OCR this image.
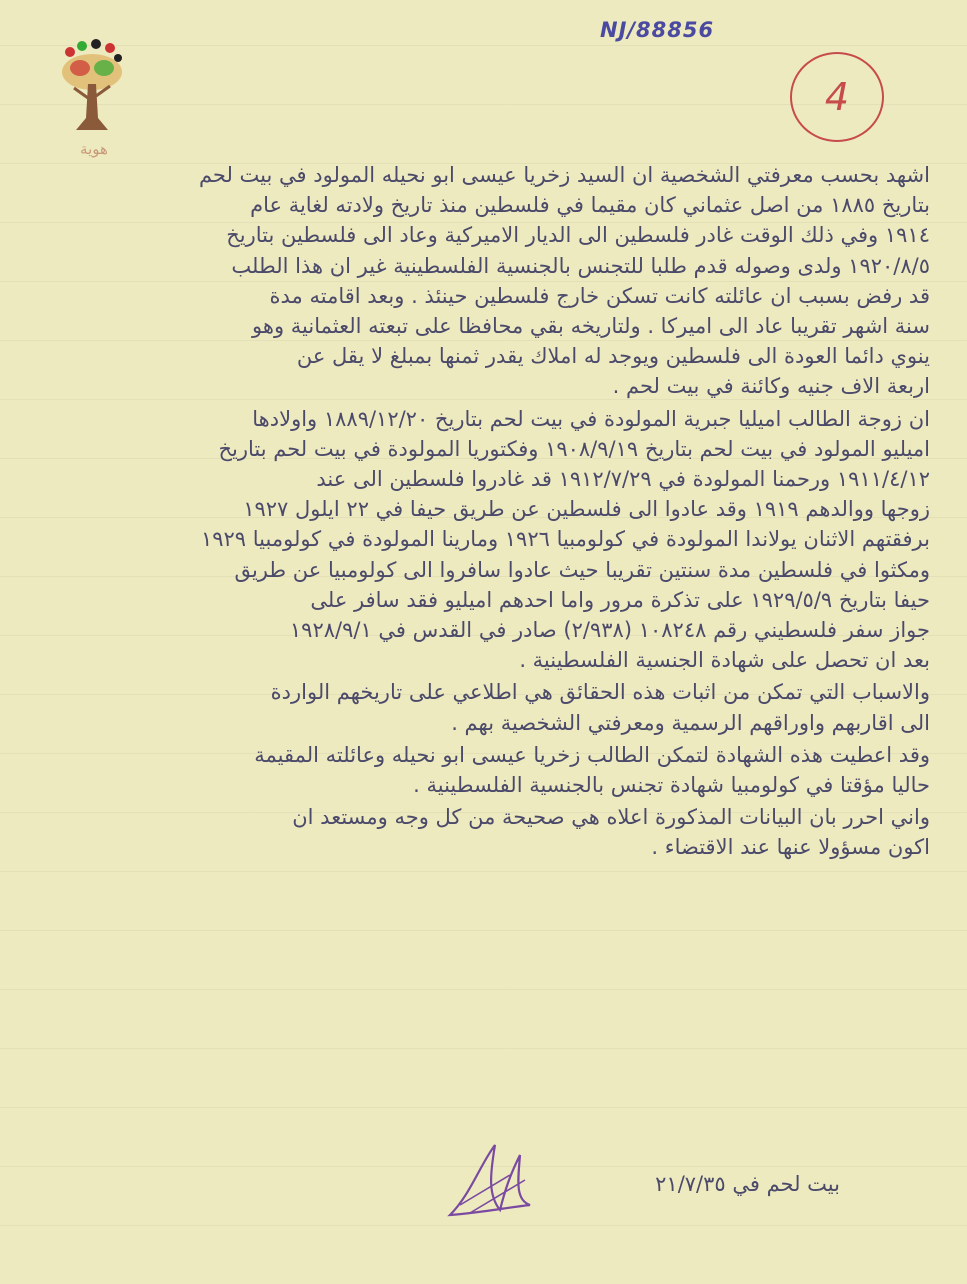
هوية
NJ/88856
4

اشهد بحسب معرفتي الشخصية ان السيد زخريا عيسى ابو نحيله المولود في بيت لحم

بتاريخ ١٨٨٥ من اصل عثماني كان مقيما في فلسطين منذ تاريخ ولادته لغاية عام

١٩١٤ وفي ذلك الوقت غادر فلسطين الى الديار الاميركية وعاد الى فلسطين بتاريخ

١٩٢٠/٨/٥ ولدى وصوله قدم طلبا للتجنس بالجنسية الفلسطينية غير ان هذا الطلب

قد رفض بسبب ان عائلته كانت تسكن خارج فلسطين حينئذ . وبعد اقامته مدة

سنة اشهر تقريبا عاد الى اميركا . ولتاريخه بقي محافظا على تبعته العثمانية وهو

ينوي دائما العودة الى فلسطين ويوجد له املاك يقدر ثمنها بمبلغ لا يقل عن

اربعة الاف جنيه وكائنة في بيت لحم .

ان زوجة الطالب اميليا جبرية المولودة في بيت لحم بتاريخ ١٨٨٩/١٢/٢٠ واولادها

اميليو المولود في بيت لحم بتاريخ ١٩٠٨/٩/١٩ وفكتوريا المولودة في بيت لحم بتاريخ

١٩١١/٤/١٢ ورحمنا المولودة في ١٩١٢/٧/٢٩ قد غادروا فلسطين الى عند

زوجها ووالدهم ١٩١٩ وقد عادوا الى فلسطين عن طريق حيفا في ٢٢ ايلول ١٩٢٧

برفقتهم الاثنان يولاندا المولودة في كولومبيا ١٩٢٦ ومارينا المولودة في كولومبيا ١٩٢٩

ومكثوا في فلسطين مدة سنتين تقريبا حيث عادوا سافروا الى كولومبيا عن طريق

حيفا بتاريخ ١٩٢٩/٥/٩ على تذكرة مرور واما احدهم اميليو فقد سافر على

جواز سفر فلسطيني رقم ١٠٨٢٤٨ (٢/٩٣٨) صادر في القدس في ١٩٢٨/٩/١

بعد ان تحصل على شهادة الجنسية الفلسطينية .

والاسباب التي تمكن من اثبات هذه الحقائق هي اطلاعي على تاريخهم الواردة

الى اقاربهم واوراقهم الرسمية ومعرفتي الشخصية بهم .

وقد اعطيت هذه الشهادة لتمكن الطالب زخريا عيسى ابو نحيله وعائلته المقيمة

حاليا مؤقتا في كولومبيا شهادة تجنس بالجنسية الفلسطينية .

واني احرر بان البيانات المذكورة اعلاه هي صحيحة من كل وجه ومستعد ان

اكون مسؤولا عنها عند الاقتضاء .

بيت لحم في ٢١/٧/٣٥
